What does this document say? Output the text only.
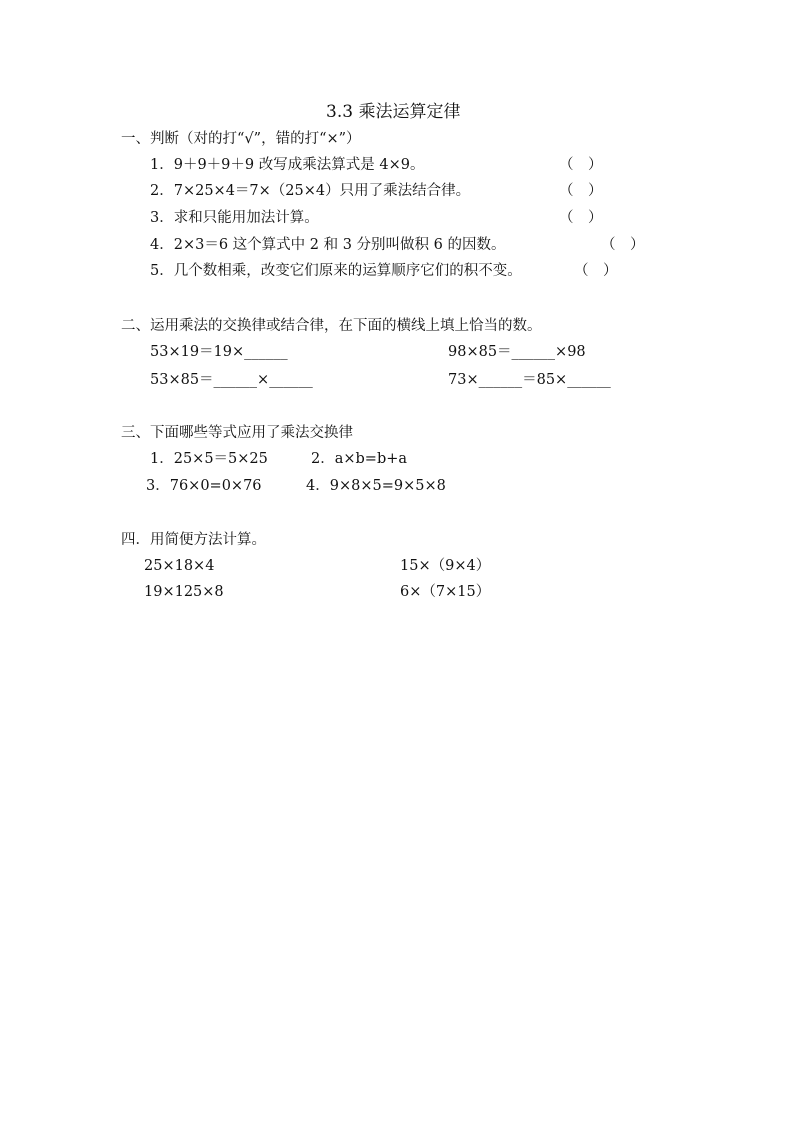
3.3 乘法运算定律
一、判断（对的打“√”，错的打“×”）
1．9＋9＋9＋9 改写成乘法算式是 4×9。	（　）
2．7×25×4＝7×（25×4）只用了乘法结合律。	（　）
3．求和只能用加法计算。	（　）
4．2×3＝6 这个算式中 2 和 3 分别叫做积 6 的因数。	（　）
5．几个数相乘，改变它们原来的运算顺序它们的积不变。	（　）
二、运用乘法的交换律或结合律，在下面的横线上填上恰当的数。
53×19＝19×______	98×85＝______×98
53×85＝______×______	73×______＝85×______
三、下面哪些等式应用了乘法交换律
1．25×5＝5×25	2．a×b=b+a
3．76×0=0×76	4．9×8×5=9×5×8
四．用简便方法计算。
25×18×4	15×（9×4）
19×125×8	6×（7×15）
